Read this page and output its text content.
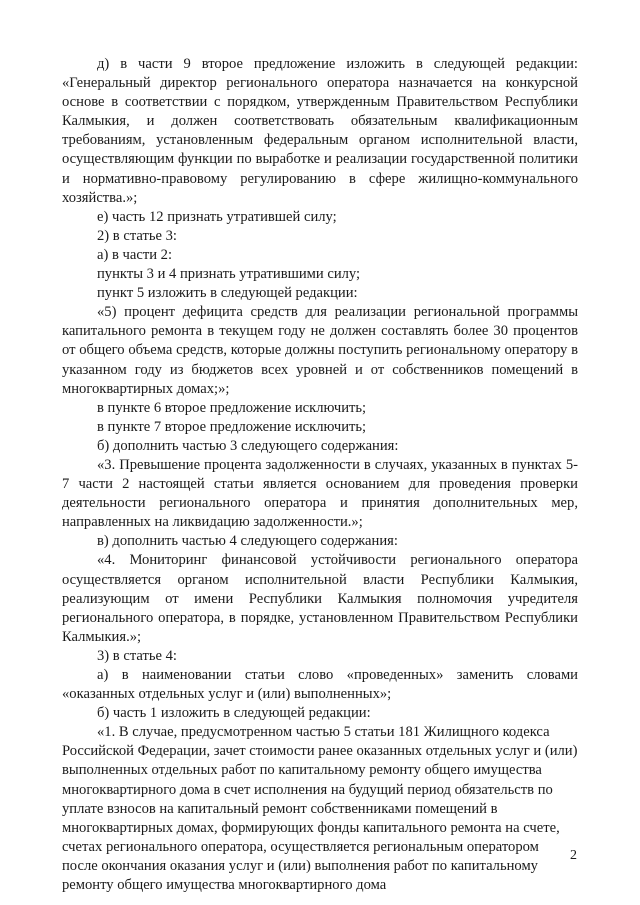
д) в части 9 второе предложение изложить в следующей редакции: «Генеральный директор регионального оператора назначается на конкурсной основе в соответствии с порядком, утвержденным Правительством Республики Калмыкия, и должен соответствовать обязательным квалификационным требованиям, установленным федеральным органом исполнительной власти, осуществляющим функции по выработке и реализации государственной политики и нормативно-правовому регулированию в сфере жилищно-коммунального хозяйства.»;

е) часть 12 признать утратившей силу;

2) в статье 3:

а) в части 2:

пункты 3 и 4 признать утратившими силу;

пункт 5 изложить в следующей редакции:

«5) процент дефицита средств для реализации региональной программы капитального ремонта в текущем году не должен составлять более 30 процентов от общего объема средств, которые должны поступить региональному оператору в указанном году из бюджетов всех уровней и от собственников помещений в многоквартирных домах;»;

в пункте 6 второе предложение исключить;

в пункте 7 второе предложение исключить;

б) дополнить частью 3 следующего содержания:

«3. Превышение процента задолженности в случаях, указанных в пунктах 5-7 части 2 настоящей статьи является основанием для проведения проверки деятельности регионального оператора и принятия дополнительных мер, направленных на ликвидацию задолженности.»;

в) дополнить частью 4 следующего содержания:

«4. Мониторинг финансовой устойчивости регионального оператора осуществляется органом исполнительной власти Республики Калмыкия, реализующим от имени Республики Калмыкия полномочия учредителя регионального оператора, в порядке, установленном Правительством Республики Калмыкия.»;

3) в статье 4:

а) в наименовании статьи слово «проведенных» заменить словами «оказанных отдельных услуг и (или) выполненных»;

б) часть 1 изложить в следующей редакции:

«1. В случае, предусмотренном частью 5 статьи 181 Жилищного кодекса Российской Федерации, зачет стоимости ранее оказанных отдельных услуг и (или) выполненных отдельных работ по капитальному ремонту общего имущества многоквартирного дома в счет исполнения на будущий период обязательств по уплате взносов на капитальный ремонт собственниками помещений в многоквартирных домах, формирующих фонды капитального ремонта на счете, счетах регионального оператора, осуществляется региональным оператором после окончания оказания услуг и (или) выполнения работ по капитальному ремонту общего имущества многоквартирного дома

2
